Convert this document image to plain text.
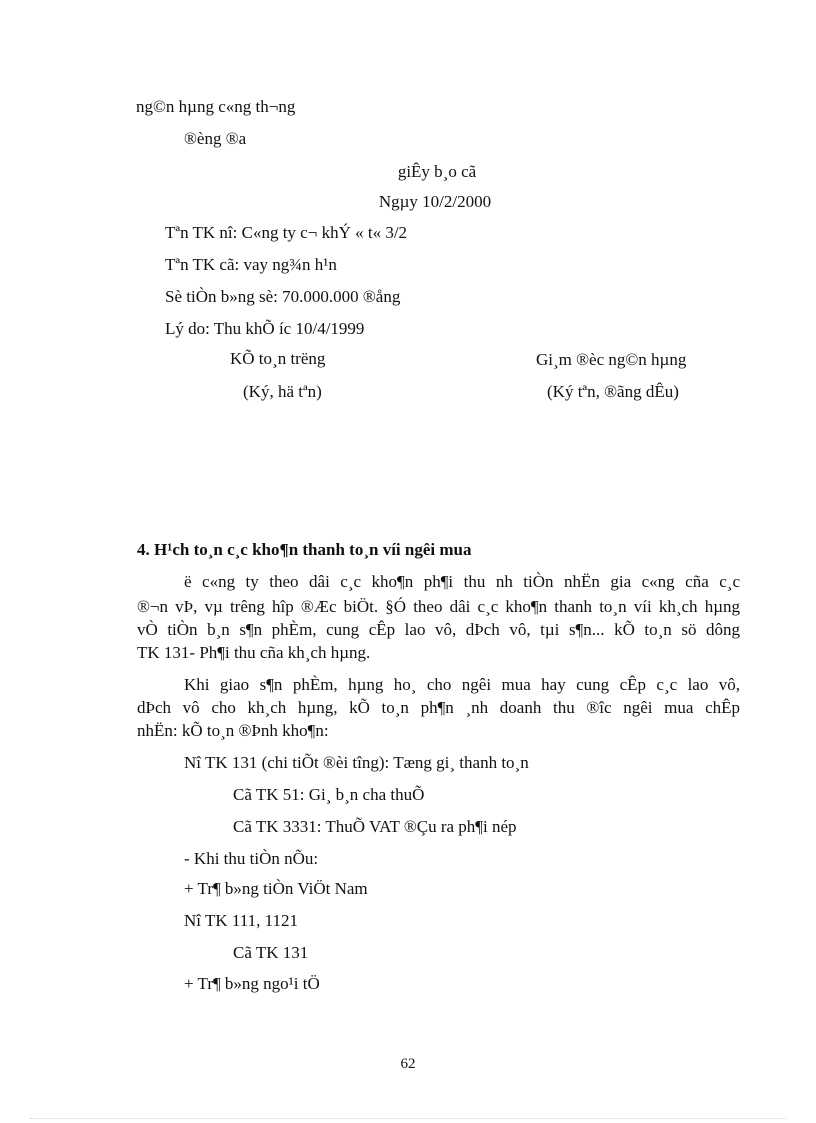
ng©n hµng c«ng th¬ng
®èng ®a
giÊy b¸o cã
Ngµy 10/2/2000
Tªn TK nî: C«ng ty c¬ khÝ « t« 3/2
Tªn TK cã: vay ng¾n h¹n
Sè tiÒn b»ng sè: 70.000.000 ®ång
Lý do: Thu khÕ íc 10/4/1999
KÕ to¸n trëng
(Ký, hä tªn)
Gi¸m ®èc ng©n hµng
(Ký tªn, ®ãng dÊu)
4. H¹ch to¸n c¸c kho¶n thanh to¸n víi ngêi mua
ë c«ng ty theo dâi c¸c kho¶n ph¶i thu nh tiÒn nhËn gia c«ng cña c¸c
®¬n vÞ, vµ trêng hîp ®Æc biÖt. §Ó theo dâi c¸c kho¶n thanh to¸n víi kh¸ch hµng
vÒ tiÒn b¸n s¶n phÈm, cung cÊp lao vô, dÞch vô, tµi s¶n... kÕ to¸n sö dông
TK 131- Ph¶i thu cña kh¸ch hµng.
Khi giao s¶n phÈm, hµng ho¸ cho ngêi mua hay cung cÊp c¸c lao vô,
dÞch vô cho kh¸ch hµng, kÕ to¸n ph¶n ¸nh doanh thu ®îc ngêi mua chÊp
nhËn: kÕ to¸n ®Þnh kho¶n:
Nî TK 131 (chi tiÕt ®èi tîng): Tæng gi¸ thanh to¸n
Cã TK 51: Gi¸ b¸n cha thuÕ
Cã TK 3331: ThuÕ VAT ®Çu ra ph¶i nép
- Khi thu tiÒn nÕu:
+ Tr¶ b»ng tiÒn ViÖt Nam
Nî TK 111, 1121
Cã TK 131
+ Tr¶ b»ng ngo¹i tÖ
62
